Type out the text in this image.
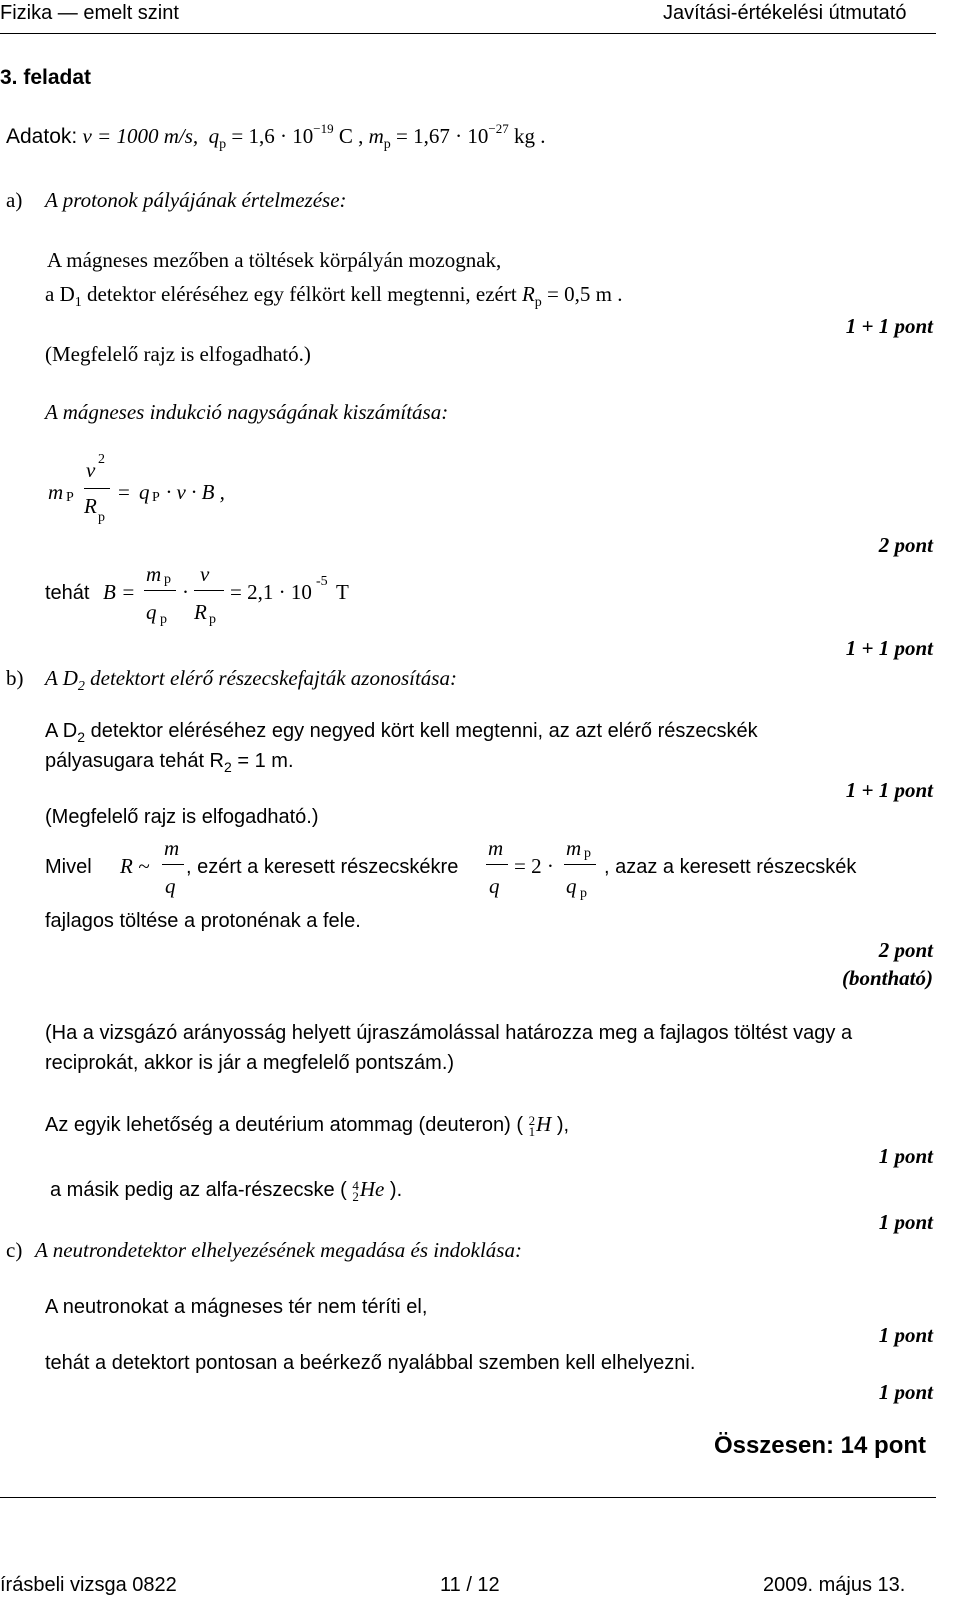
Fizika — emelt szint	Javítási-értékelési útmutató
3. feladat
Adatok: v = 1000 m/s, $q_p = 1,6 \cdot 10^{-19}$ C , $m_p = 1,67 \cdot 10^{-27}$ kg .
a) A protonok pályájának értelmezése:
A mágneses mezőben a töltések körpályán mozognak,
a $D_1$ detektor eléréséhez egy félkört kell megtenni, ezért $R_p = 0,5$ m .
1 + 1 pont
(Megfelelő rajz is elfogadható.)
A mágneses indukció nagyságának kiszámítása:
m P
v 2
R p
= q P · v · B ,
2 pont
tehát B =
m p
q p
·
v
R p
= 2,1 · 10 -5 T
1 + 1 pont
b) A $D_2$ detektort elérő részecskefajták azonosítása:
A $D_2$ detektor eléréséhez egy negyed kört kell megtenni, az azt elérő részecskék
pályasugara tehát $R_2 = 1$ m.
1 + 1 pont
(Megfelelő rajz is elfogadható.)
Mivel R ~
m
q
, ezért a keresett részecskékre
m
q
= 2 ·
m p
q p
, azaz a keresett részecskék
fajlagos töltése a protonénak a fele.
2 pont
(bontható)
(Ha a vizsgázó arányosság helyett újraszámolással határozza meg a fajlagos töltést vagy a
reciprokát, akkor is jár a megfelelő pontszám.)
Az egyik lehetőség a deutérium atommag (deuteron) ( 2
1 H ),
1 pont
a másik pedig az alfa-részecske ( 4
2 He ).
1 pont
c) A neutrondetektor elhelyezésének megadása és indoklása:
A neutronokat a mágneses tér nem téríti el,
1 pont
tehát a detektort pontosan a beérkező nyalábbal szemben kell elhelyezni.
1 pont
Összesen: 14 pont
írásbeli vizsga 0822	11 / 12	2009. május 13.
